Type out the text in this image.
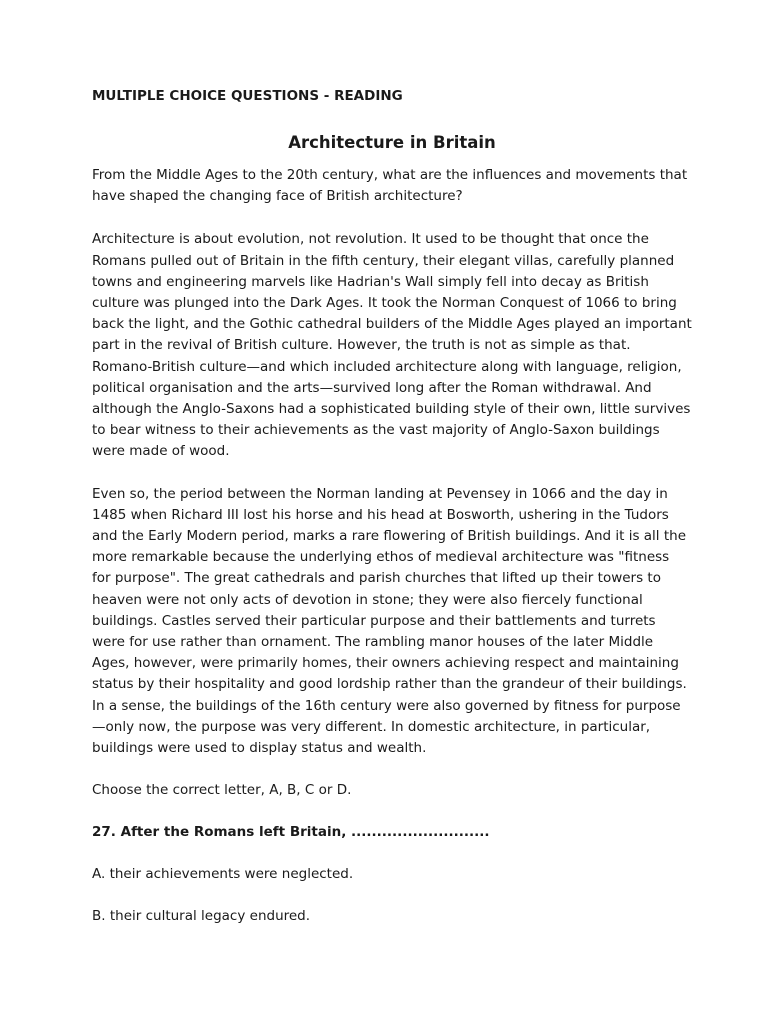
MULTIPLE CHOICE QUESTIONS - READING
Architecture in Britain

From the Middle Ages to the 20th century, what are the influences and movements that have shaped the changing face of British architecture?

Architecture is about evolution, not revolution. It used to be thought that once the Romans pulled out of Britain in the fifth century, their elegant villas, carefully planned towns and engineering marvels like Hadrian's Wall simply fell into decay as British culture was plunged into the Dark Ages. It took the Norman Conquest of 1066 to bring back the light, and the Gothic cathedral builders of the Middle Ages played an important part in the revival of British culture. However, the truth is not as simple as that. Romano-British culture—and which included architecture along with language, religion, political organisation and the arts—survived long after the Roman withdrawal. And although the Anglo-Saxons had a sophisticated building style of their own, little survives to bear witness to their achievements as the vast majority of Anglo-Saxon buildings were made of wood.

Even so, the period between the Norman landing at Pevensey in 1066 and the day in 1485 when Richard III lost his horse and his head at Bosworth, ushering in the Tudors and the Early Modern period, marks a rare flowering of British buildings. And it is all the more remarkable because the underlying ethos of medieval architecture was "fitness for purpose". The great cathedrals and parish churches that lifted up their towers to heaven were not only acts of devotion in stone; they were also fiercely functional buildings. Castles served their particular purpose and their battlements and turrets were for use rather than ornament. The rambling manor houses of the later Middle Ages, however, were primarily homes, their owners achieving respect and maintaining status by their hospitality and good lordship rather than the grandeur of their buildings. In a sense, the buildings of the 16th century were also governed by fitness for purpose—only now, the purpose was very different. In domestic architecture, in particular, buildings were used to display status and wealth.

Choose the correct letter, A, B, C or D.

27. After the Romans left Britain, ...........................

A. their achievements were neglected.

B. their cultural legacy endured.
